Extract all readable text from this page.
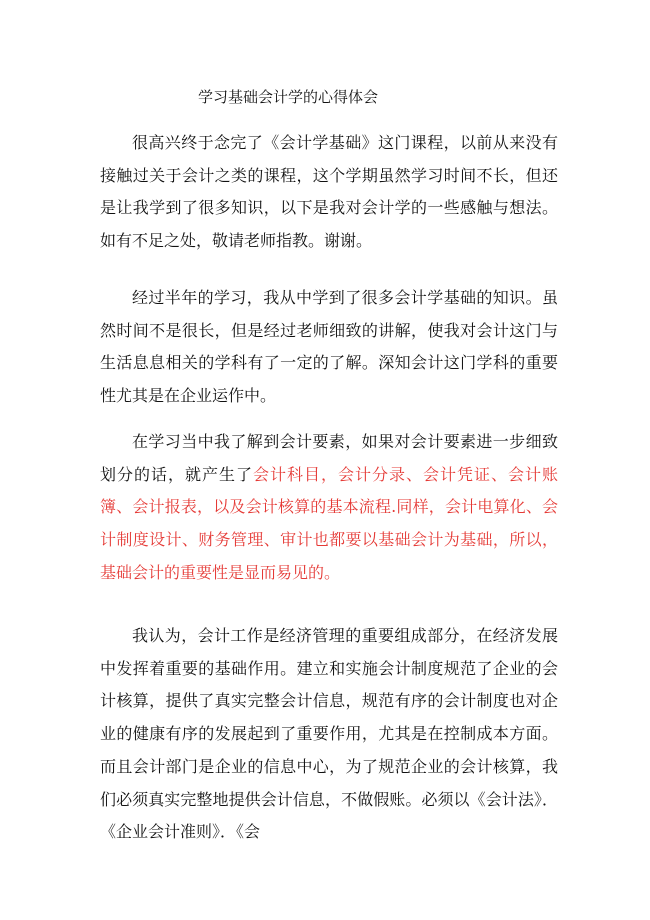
学习基础会计学的心得体会

很高兴终于念完了《会计学基础》这门课程，以前从来没有接触过关于会计之类的课程，这个学期虽然学习时间不长，但还是让我学到了很多知识，以下是我对会计学的一些感触与想法。如有不足之处，敬请老师指教。谢谢。

经过半年的学习，我从中学到了很多会计学基础的知识。虽然时间不是很长，但是经过老师细致的讲解，使我对会计这门与生活息息相关的学科有了一定的了解。深知会计这门学科的重要性尤其是在企业运作中。

在学习当中我了解到会计要素，如果对会计要素进一步细致划分的话，就产生了会计科目，会计分录、会计凭证、会计账簿、会计报表，以及会计核算的基本流程.同样，会计电算化、会计制度设计、财务管理、审计也都要以基础会计为基础，所以，基础会计的重要性是显而易见的。

我认为，会计工作是经济管理的重要组成部分，在经济发展中发挥着重要的基础作用。建立和实施会计制度规范了企业的会计核算，提供了真实完整会计信息，规范有序的会计制度也对企业的健康有序的发展起到了重要作用，尤其是在控制成本方面。而且会计部门是企业的信息中心，为了规范企业的会计核算，我们必须真实完整地提供会计信息，不做假账。必须以《会计法》．《企业会计准则》．《会
